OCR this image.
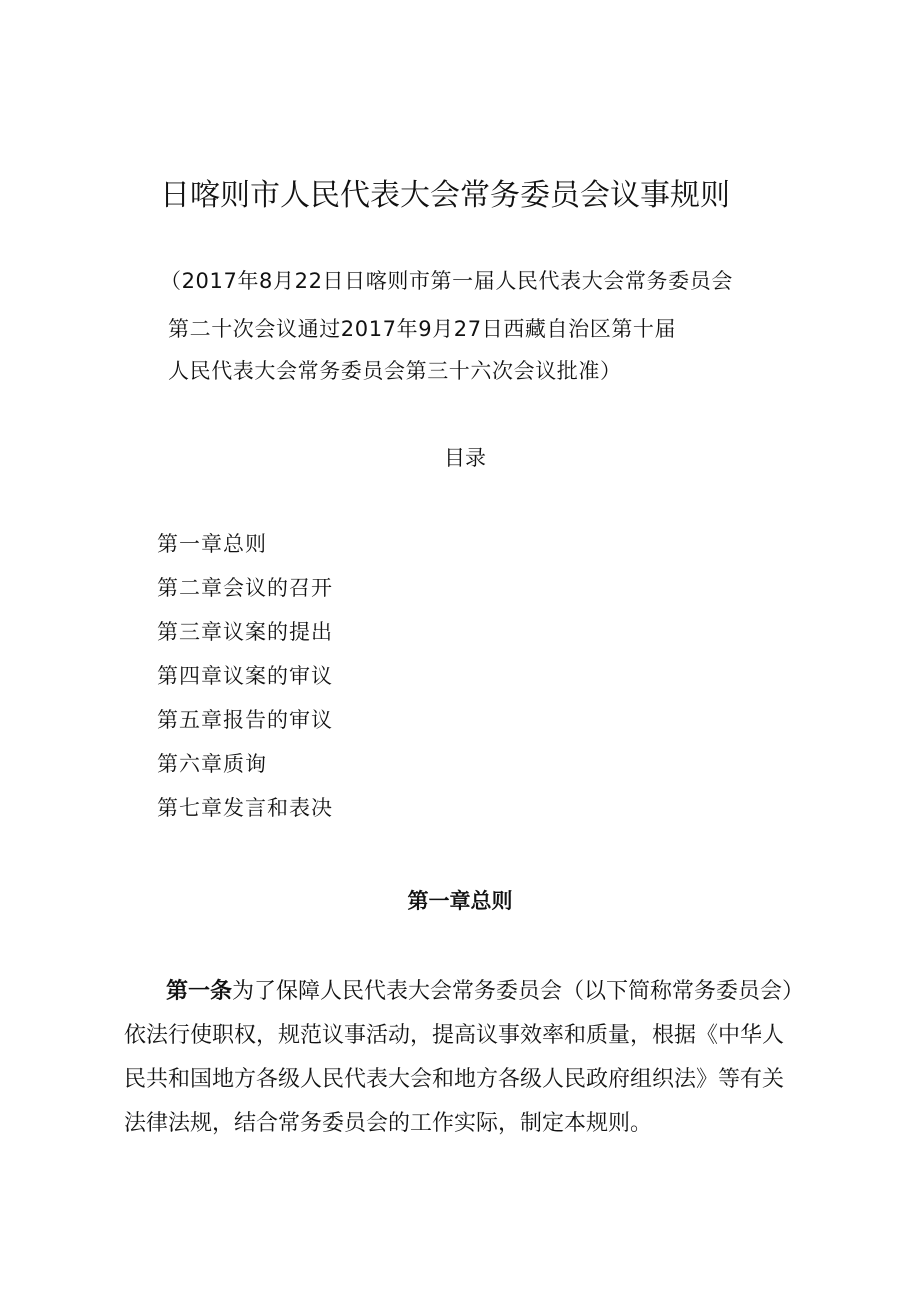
日喀则市人民代表大会常务委员会议事规则
（2017年8月22日日喀则市第一届人民代表大会常务委员会
第二十次会议通过2017年9月27日西藏自治区第十届
人民代表大会常务委员会第三十六次会议批准）
目录
第一章总则
第二章会议的召开
第三章议案的提出
第四章议案的审议
第五章报告的审议
第六章质询
第七章发言和表决
第一章总则
第一条为了保障人民代表大会常务委员会（以下简称常务委员会）
依法行使职权，规范议事活动，提高议事效率和质量，根据《中华人
民共和国地方各级人民代表大会和地方各级人民政府组织法》等有关
法律法规，结合常务委员会的工作实际，制定本规则。
